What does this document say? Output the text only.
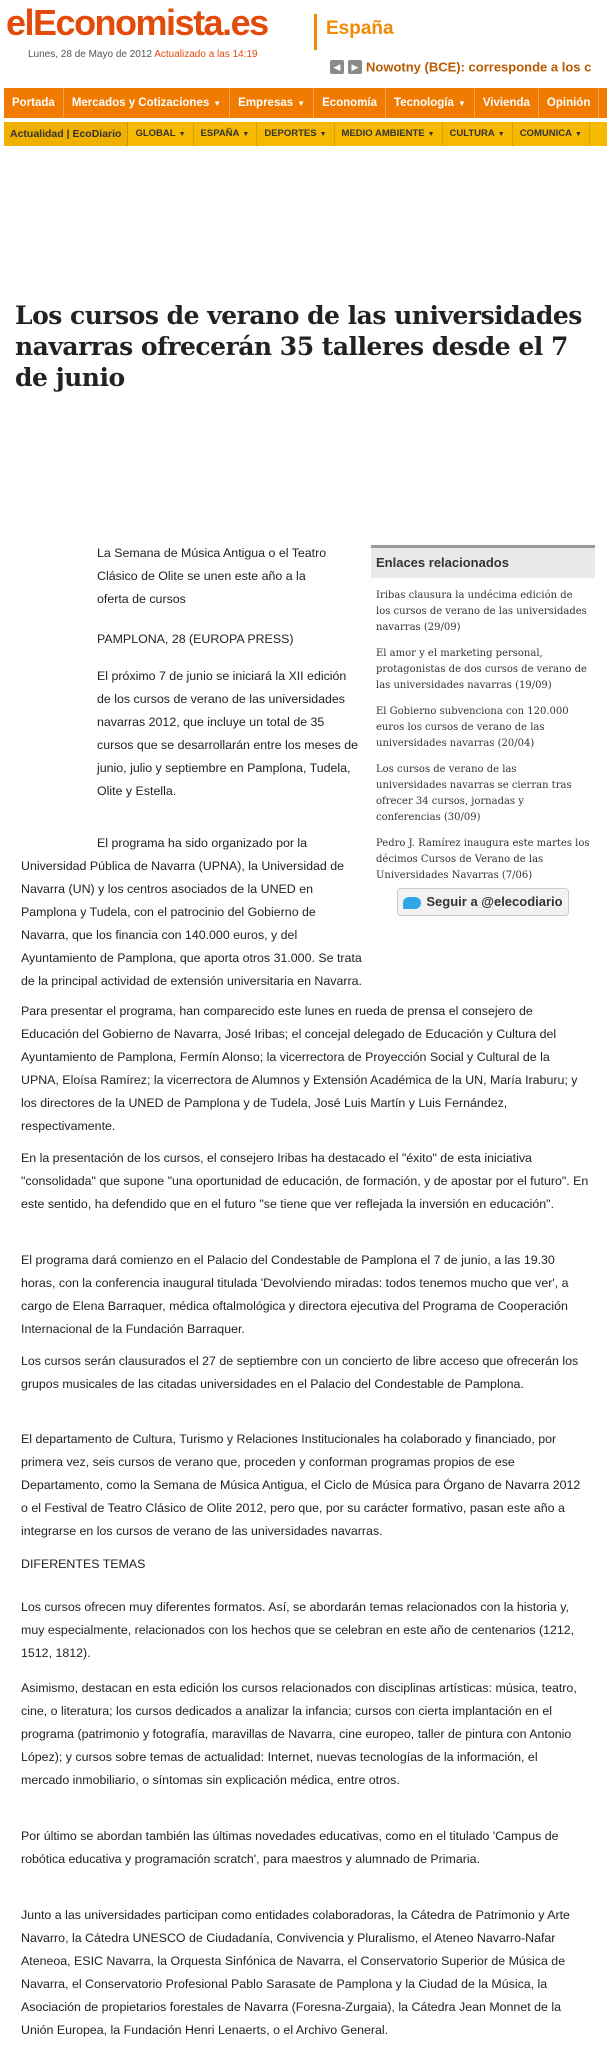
elEconomista.es	España
Lunes, 28 de Mayo de 2012 Actualizado a las 14:19
◀ ▶ Nowotny (BCE): corresponde a los c
Portada	Mercados y Cotizaciones ▼	Empresas ▼	Economía	Tecnología ▼	Vivienda	Opinión
Actualidad | EcoDiario	GLOBAL ▼	ESPAÑA ▼	DEPORTES ▼	MEDIO AMBIENTE ▼	CULTURA ▼	COMUNICA ▼
Los cursos de verano de las universidades navarras ofrecerán 35 talleres desde el 7 de junio
Enlaces relacionados
Iribas clausura la undécima edición de los cursos de verano de las universidades navarras (29/09)
El amor y el marketing personal, protagonistas de dos cursos de verano de las universidades navarras (19/09)
El Gobierno subvenciona con 120.000 euros los cursos de verano de las universidades navarras (20/04)
Los cursos de verano de las universidades navarras se cierran tras ofrecer 34 cursos, jornadas y conferencias (30/09)
Pedro J. Ramírez inaugura este martes los décimos Cursos de Verano de las Universidades Navarras (7/06)
Seguir a @elecodiario

La Semana de Música Antigua o el Teatro Clásico de Olite se unen este año a la oferta de cursos

PAMPLONA, 28 (EUROPA PRESS)

El próximo 7 de junio se iniciará la XII edición de los cursos de verano de las universidades navarras 2012, que incluye un total de 35 cursos que se desarrollarán entre los meses de junio, julio y septiembre en Pamplona, Tudela, Olite y Estella.

El programa ha sido organizado por la

Universidad Pública de Navarra (UPNA), la Universidad de Navarra (UN) y los centros asociados de la UNED en Pamplona y Tudela, con el patrocinio del Gobierno de Navarra, que los financia con 140.000 euros, y del Ayuntamiento de Pamplona, que aporta otros 31.000. Se trata de la principal actividad de extensión universitaria en Navarra.

Para presentar el programa, han comparecido este lunes en rueda de prensa el consejero de Educación del Gobierno de Navarra, José Iribas; el concejal delegado de Educación y Cultura del Ayuntamiento de Pamplona, Fermín Alonso; la vicerrectora de Proyección Social y Cultural de la UPNA, Eloísa Ramírez; la vicerrectora de Alumnos y Extensión Académica de la UN, María Iraburu; y los directores de la UNED de Pamplona y de Tudela, José Luis Martín y Luis Fernández, respectivamente.

En la presentación de los cursos, el consejero Iribas ha destacado el "éxito" de esta iniciativa "consolidada" que supone "una oportunidad de educación, de formación, y de apostar por el futuro". En este sentido, ha defendido que en el futuro "se tiene que ver reflejada la inversión en educación".

El programa dará comienzo en el Palacio del Condestable de Pamplona el 7 de junio, a las 19.30 horas, con la conferencia inaugural titulada 'Devolviendo miradas: todos tenemos mucho que ver', a cargo de Elena Barraquer, médica oftalmológica y directora ejecutiva del Programa de Cooperación Internacional de la Fundación Barraquer.

Los cursos serán clausurados el 27 de septiembre con un concierto de libre acceso que ofrecerán los grupos musicales de las citadas universidades en el Palacio del Condestable de Pamplona.

El departamento de Cultura, Turismo y Relaciones Institucionales ha colaborado y financiado, por primera vez, seis cursos de verano que, proceden y conforman programas propios de ese Departamento, como la Semana de Música Antigua, el Ciclo de Música para Órgano de Navarra 2012 o el Festival de Teatro Clásico de Olite 2012, pero que, por su carácter formativo, pasan este año a integrarse en los cursos de verano de las universidades navarras.

DIFERENTES TEMAS

Los cursos ofrecen muy diferentes formatos. Así, se abordarán temas relacionados con la historia y, muy especialmente, relacionados con los hechos que se celebran en este año de centenarios (1212, 1512, 1812).

Asimismo, destacan en esta edición los cursos relacionados con disciplinas artísticas: música, teatro, cine, o literatura; los cursos dedicados a analizar la infancia; cursos con cierta implantación en el programa (patrimonio y fotografía, maravillas de Navarra, cine europeo, taller de pintura con Antonio López); y cursos sobre temas de actualidad: Internet, nuevas tecnologías de la información, el mercado inmobiliario, o síntomas sin explicación médica, entre otros.

Por último se abordan también las últimas novedades educativas, como en el titulado 'Campus de robótica educativa y programación scratch', para maestros y alumnado de Primaria.

Junto a las universidades participan como entidades colaboradoras, la Cátedra de Patrimonio y Arte Navarro, la Cátedra UNESCO de Ciudadanía, Convivencia y Pluralismo, el Ateneo Navarro-Nafar Ateneoa, ESIC Navarra, la Orquesta Sinfónica de Navarra, el Conservatorio Superior de Música de Navarra, el Conservatorio Profesional Pablo Sarasate de Pamplona y la Ciudad de la Música, la Asociación de propietarios forestales de Navarra (Foresna-Zurgaia), la Cátedra Jean Monnet de la Unión Europea, la Fundación Henri Lenaerts, o el Archivo General.
